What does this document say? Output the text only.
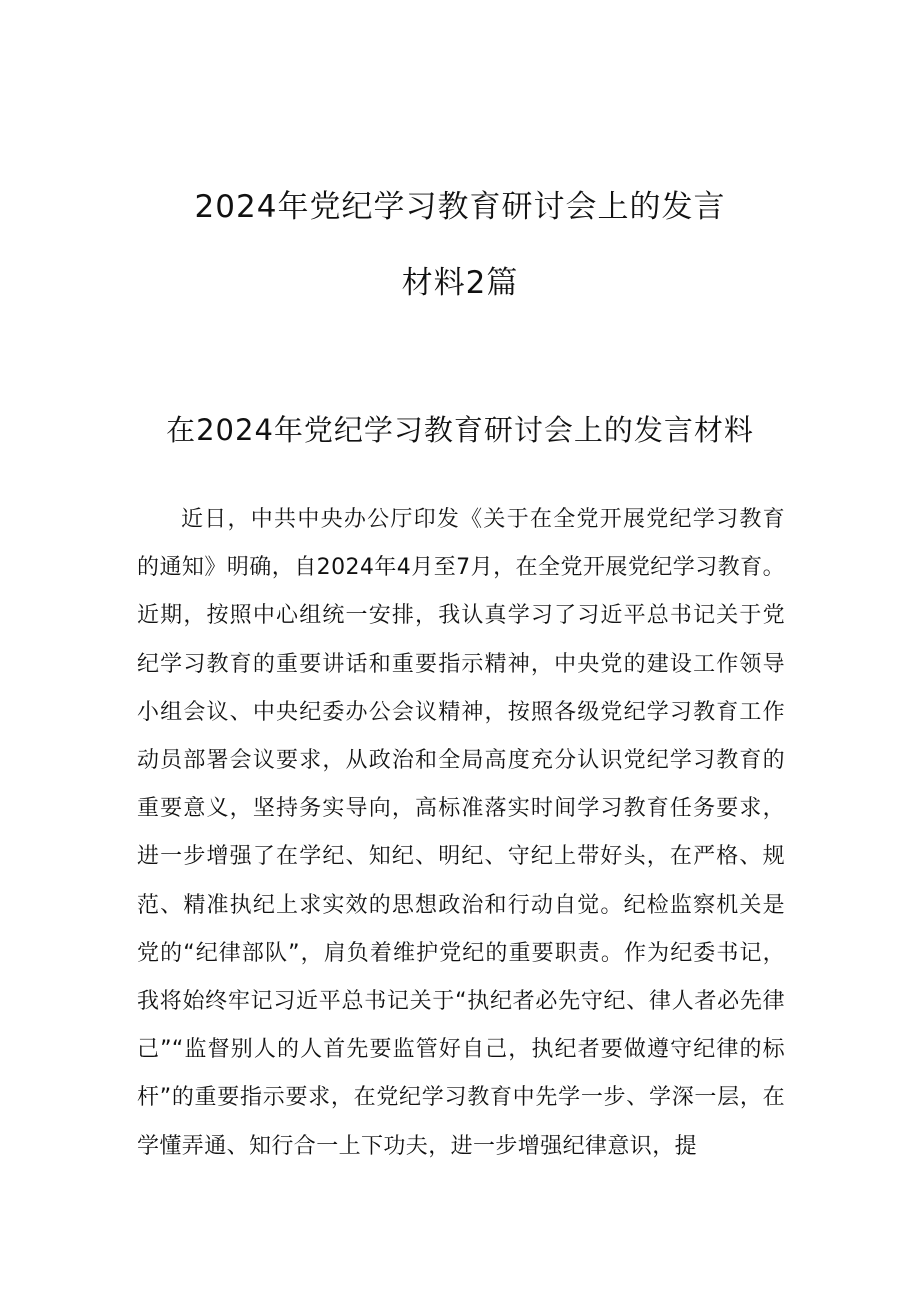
2024年党纪学习教育研讨会上的发言
材料2篇
在2024年党纪学习教育研讨会上的发言材料

近日，中共中央办公厅印发《关于在全党开展党纪学习教育的通知》明确，自2024年4月至7月，在全党开展党纪学习教育。近期，按照中心组统一安排，我认真学习了习近平总书记关于党纪学习教育的重要讲话和重要指示精神，中央党的建设工作领导小组会议、中央纪委办公会议精神，按照各级党纪学习教育工作动员部署会议要求，从政治和全局高度充分认识党纪学习教育的重要意义，坚持务实导向，高标准落实时间学习教育任务要求，进一步增强了在学纪、知纪、明纪、守纪上带好头，在严格、规范、精准执纪上求实效的思想政治和行动自觉。纪检监察机关是党的“纪律部队”，肩负着维护党纪的重要职责。作为纪委书记，我将始终牢记习近平总书记关于“执纪者必先守纪、律人者必先律己”“监督别人的人首先要监管好自己，执纪者要做遵守纪律的标杆”的重要指示要求，在党纪学习教育中先学一步、学深一层，在学懂弄通、知行合一上下功夫，进一步增强纪律意识，提
